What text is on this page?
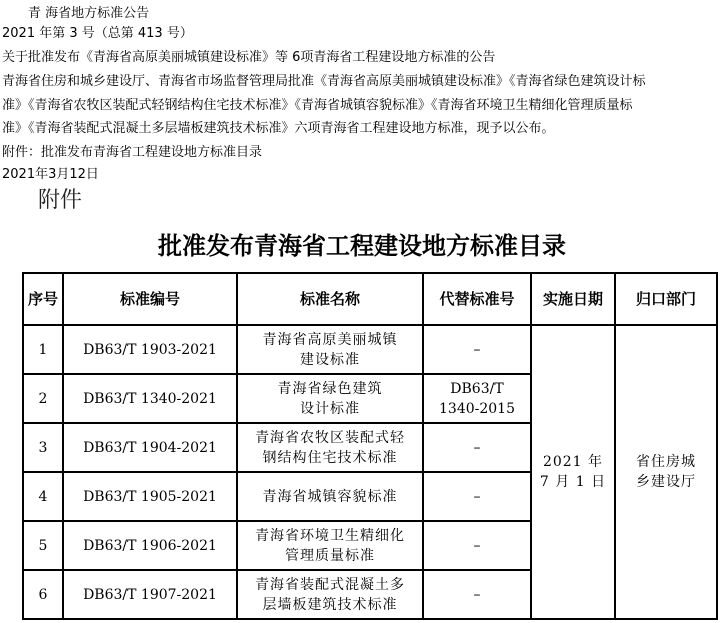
青 海省地方标准公告
2021 年第 3 号（总第 413 号）
关于批准发布《青海省高原美丽城镇建设标准》等 6项青海省工程建设地方标准的公告
青海省住房和城乡建设厅、青海省市场监督管理局批准《青海省高原美丽城镇建设标准》《青海省绿色建筑设计标
准》《青海省农牧区装配式轻钢结构住宅技术标准》《青海省城镇容貌标准》《青海省环境卫生精细化管理质量标
准》《青海省装配式混凝土多层墙板建筑技术标准》六项青海省工程建设地方标准，现予以公布。
附件：批准发布青海省工程建设地方标准目录
2021年3月12日
附件
批准发布青海省工程建设地方标准目录
序号	标准编号	标准名称	代替标准号	实施日期	归口部门
1	DB63/T 1903-2021	青海省高原美丽城镇
建设标准	–	2021 年
7 月 1 日	省住房城
乡建设厅

2	DB63/T 1340-2021	青海省绿色建筑
设计标准	DB63/T
1340-2015		

3	DB63/T 1904-2021	青海省农牧区装配式轻
钢结构住宅技术标准	–		

4	DB63/T 1905-2021	青海省城镇容貌标准	–		

5	DB63/T 1906-2021	青海省环境卫生精细化
管理质量标准	–		

6	DB63/T 1907-2021	青海省装配式混凝土多
层墙板建筑技术标准	–		
